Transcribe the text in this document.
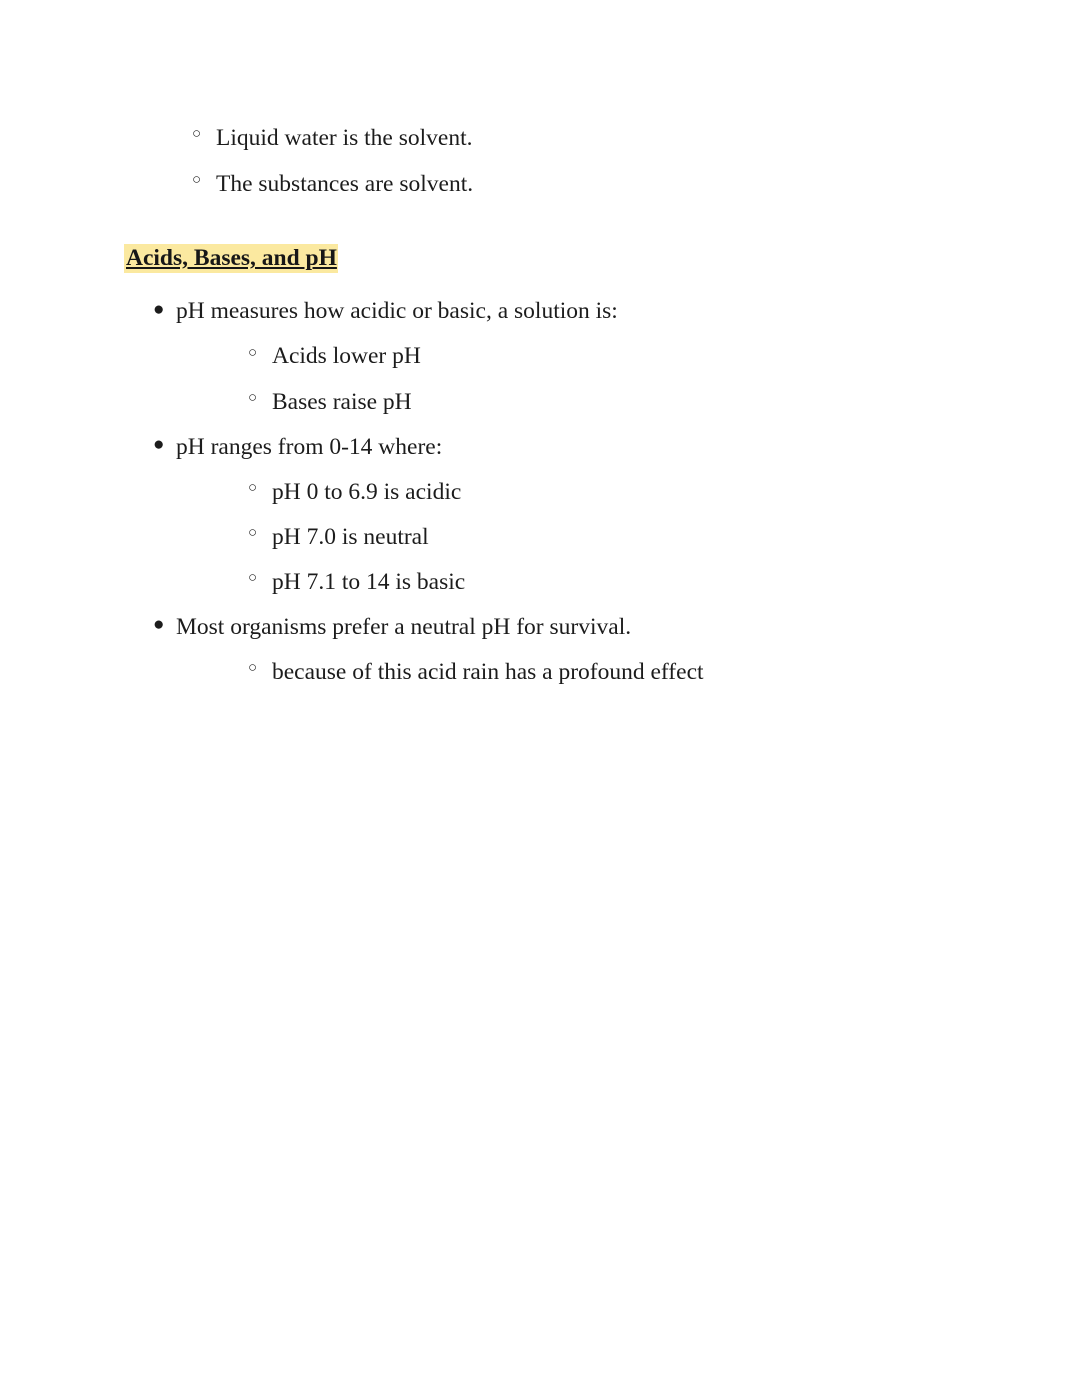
○ Liquid water is the solvent.
○ The substances are solvent.
Acids, Bases, and pH
● pH measures how acidic or basic, a solution is:
○ Acids lower pH
○ Bases raise pH
● pH ranges from 0-14 where:
○ pH 0 to 6.9 is acidic
○ pH 7.0 is neutral
○ pH 7.1 to 14 is basic
● Most organisms prefer a neutral pH for survival.
○ because of this acid rain has a profound effect
